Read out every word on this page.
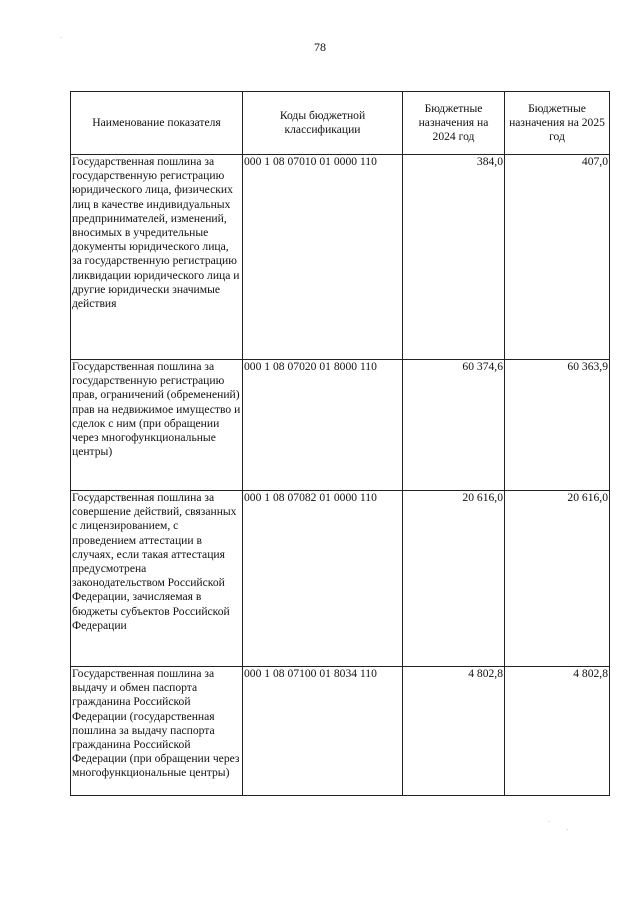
78
Наименование показателя	Коды бюджетной классификации	Бюджетные назначения на 2024 год	Бюджетные назначения на 2025 год
Государственная пошлина за государственную регистрацию юридического лица, физических лиц в качестве индивидуальных предпринимателей, изменений, вносимых в учредительные документы юридического лица, за государственную регистрацию ликвидации юридического лица и другие юридически значимые действия	000 1 08 07010 01 0000 110	384,0	407,0
Государственная пошлина за государственную регистрацию прав, ограничений (обременений) прав на недвижимое имущество и сделок с ним (при обращении через многофункциональные центры)	000 1 08 07020 01 8000 110	60 374,6	60 363,9
Государственная пошлина за совершение действий, связанных с лицензированием, с проведением аттестации в случаях, если такая аттестация предусмотрена законодательством Российской Федерации, зачисляемая в бюджеты субъектов Российской Федерации	000 1 08 07082 01 0000 110	20 616,0	20 616,0
Государственная пошлина за выдачу и обмен паспорта гражданина Российской Федерации (государственная пошлина за выдачу паспорта гражданина Российской Федерации (при обращении через многофункциональные центры)	000 1 08 07100 01 8034 110	4 802,8	4 802,8
·
·
·
